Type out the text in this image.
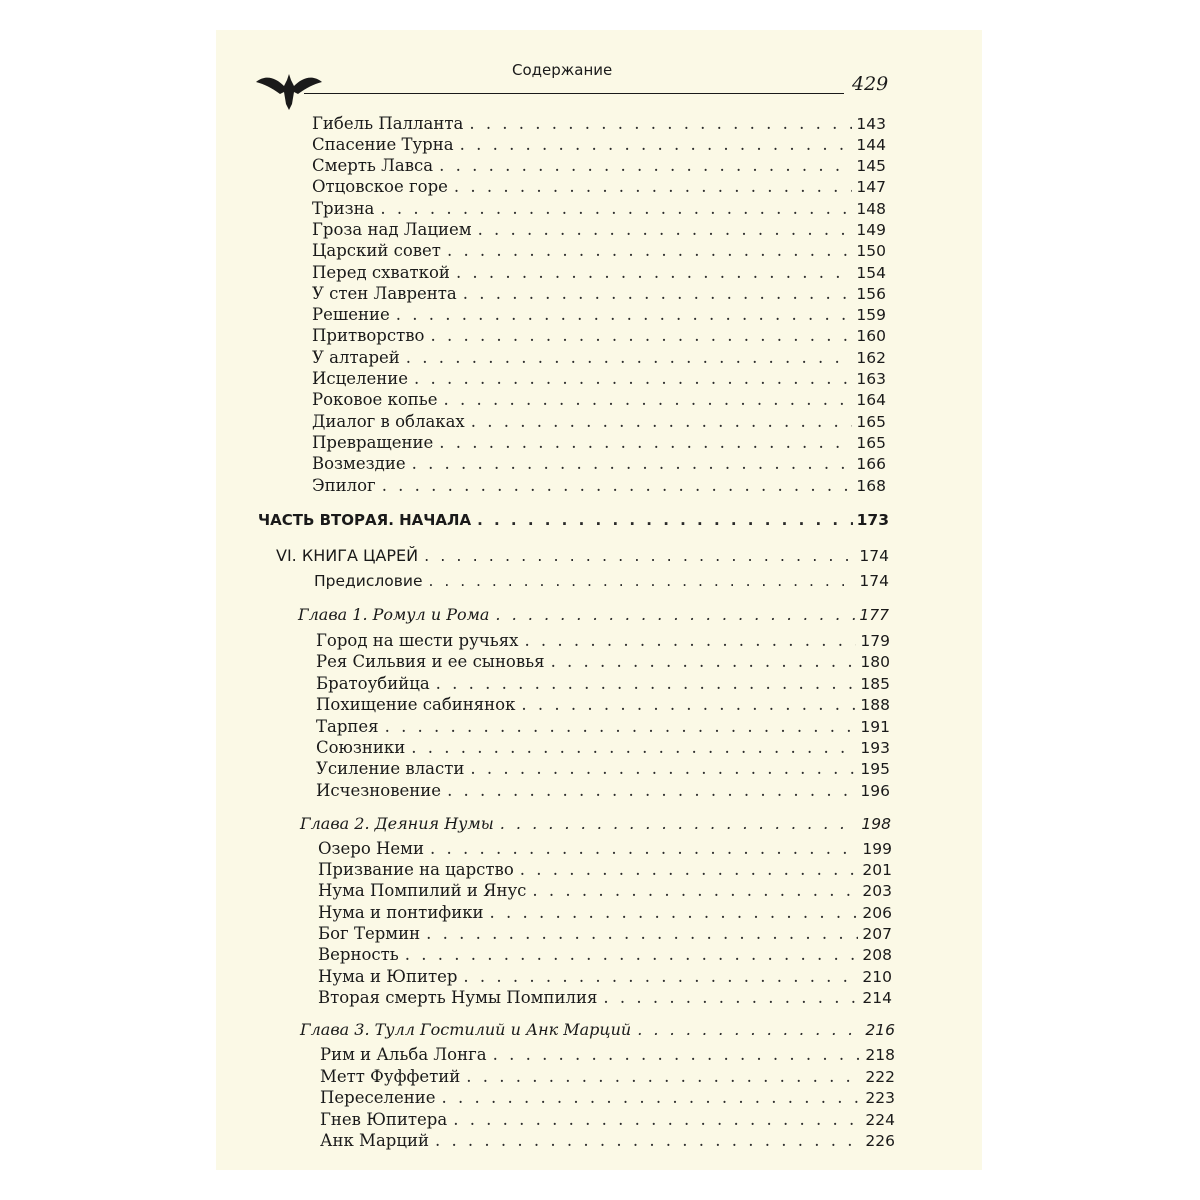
Содержание
429
Гибель Палланта . . .	143
Спасение Турна . . .	144
Смерть Лавса . . .	145
Отцовское горе . . .	147
Тризна . . .	148
Гроза над Лацием . . .	149
Царский совет . . .	150
Перед схваткой . . .	154
У стен Лаврента . . .	156
Решение . . .	159
Притворство . . .	160
У алтарей . . .	162
Исцеление . . .	163
Роковое копье . . .	164
Диалог в облаках . . .	165
Превращение . . .	165
Возмездие . . .	166
Эпилог . . .	168
ЧАСТЬ ВТОРАЯ. НАЧАЛА . . .	173
VI. КНИГА ЦАРЕЙ . . .	174
Предисловие . . .	174
Глава 1. Ромул и Рома . . .	177
Город на шести ручьях . . .	179
Рея Сильвия и ее сыновья . . .	180
Братоубийца . . .	185
Похищение сабинянок . . .	188
Тарпея . . .	191
Союзники . . .	193
Усиление власти . . .	195
Исчезновение . . .	196
Глава 2. Деяния Нумы . . .	198
Озеро Неми . . .	199
Призвание на царство . . .	201
Нума Помпилий и Янус . . .	203
Нума и понтифики . . .	206
Бог Термин . . .	207
Верность . . .	208
Нума и Юпитер . . .	210
Вторая смерть Нумы Помпилия . . .	214
Глава 3. Тулл Гостилий и Анк Марций . . .	216
Рим и Альба Лонга . . .	218
Метт Фуффетий . . .	222
Переселение . . .	223
Гнев Юпитера . . .	224
Анк Марций . . .	226
